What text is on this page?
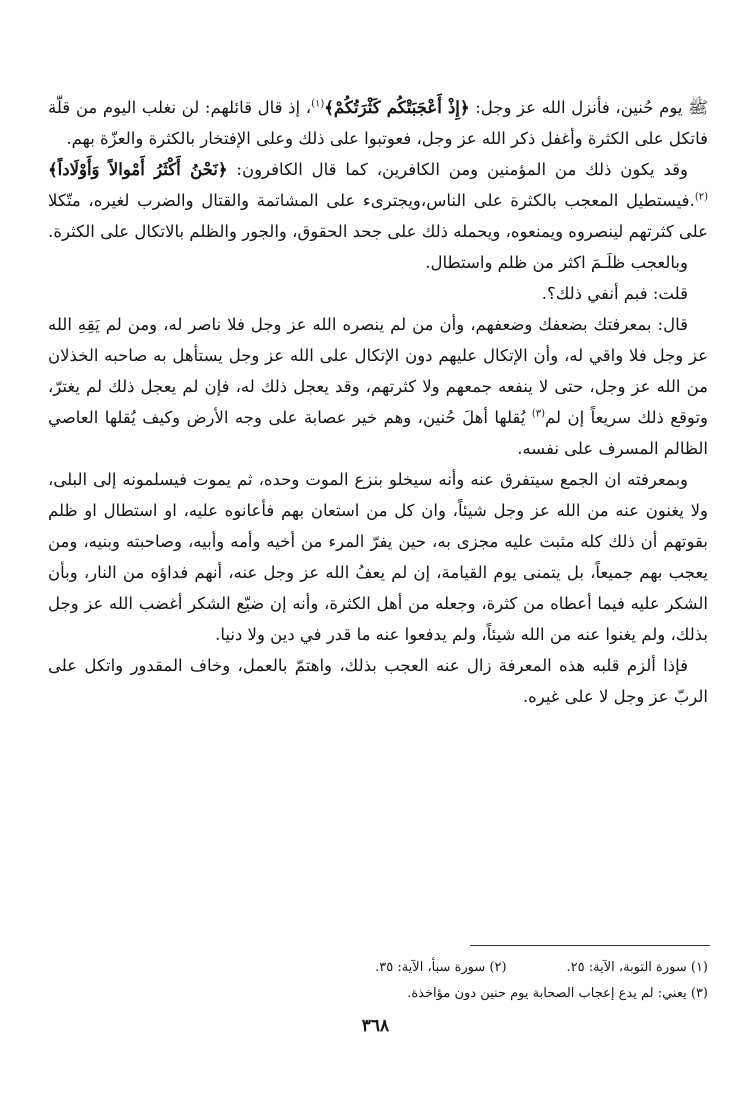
ﷺ يوم حُنين، فأنزل الله عز وجل: ﴿إِذْ أَعْجَبَتْكُم كَثْرَتُكُمْ﴾$^{(١)}$، إذ قال قائلهم: لن نغلب اليوم من قلّة فاتكل على الكثرة وأغفل ذكر الله عز وجل، فعوتبوا على ذلك وعلى الإفتخار بالكثرة والعزّة بهم.

وقد يكون ذلك من المؤمنين ومن الكافرين، كما قال الكافرون: ﴿نَحْنُ أَكْثَرُ أَمْوالاً وَأَوْلَاداً﴾$^{(٢)}$.فيستطيل المعجب بالكثرة على الناس،ويجترىء على المشاتمة والقتال والضرب لغيره، متّكلا على كثرتهم لينصروه ويمنعوه، ويحمله ذلك على جحد الحقوق، والجور والظلم بالاتكال على الكثرة.

وبالعجب ظلَـمَ اكثر من ظلم واستطال.

قلت: فبم أنفي ذلك؟.

قال: بمعرفتك بضعفك وضعفهم، وأن من لم ينصره الله عز وجل فلا ناصر له، ومن لم يَقِهِ الله عز وجل فلا واقي له، وأن الإتكال عليهم دون الإتكال على الله عز وجل يستأهل به صاحبه الخذلان من الله عز وجل، حتى لا ينفعه جمعهم ولا كثرتهم، وقد يعجل ذلك له، فإن لم يعجل ذلك لم يغترّ، وتوقع ذلك سريعاً إن لم$^{(٣)}$ يُقلها أهلَ حُنين، وهم خير عصابة على وجه الأرض وكيف يُقلها العاصي الظالم المسرف على نفسه.

وبمعرفته ان الجمع سيتفرق عنه وأنه سيخلو بنزع الموت وحده، ثم يموت فيسلمونه إلى البلى، ولا يغنون عنه من الله عز وجل شيئاً، وان كل من استعان بهم فأعانوه عليه، او استطال او ظلم بقوتهم أن ذلك كله مثبت عليه مجزى به، حين يفرّ المرء من أخيه وأمه وأبيه، وصاحبته وبنيه، ومن يعجب بهم جميعاً، بل يتمنى يوم القيامة، إن لم يعفُ الله عز وجل عنه، أنهم فداؤه من النار، وبأن الشكر عليه فيما أعطاه من كثرة، وجعله من أهل الكثرة، وأنه إن ضيّع الشكر أغضب الله عز وجل بذلك، ولم يغنوا عنه من الله شيئاً، ولم يدفعوا عنه ما قدر في دين ولا دنيا.

فإذا ألزم قلبه هذه المعرفة زال عنه العجب بذلك، واهتمّ بالعمل، وخاف المقدور واتكل على الربّ عز وجل لا على غيره.

(١) سورة التوبة، الآية: ٢٥.
(٢) سورة سبأ، الآية: ٣٥.
(٣) يعني: لم يدع إعجاب الصحابة يوم حنين دون مؤاخذة.
٣٦٨
